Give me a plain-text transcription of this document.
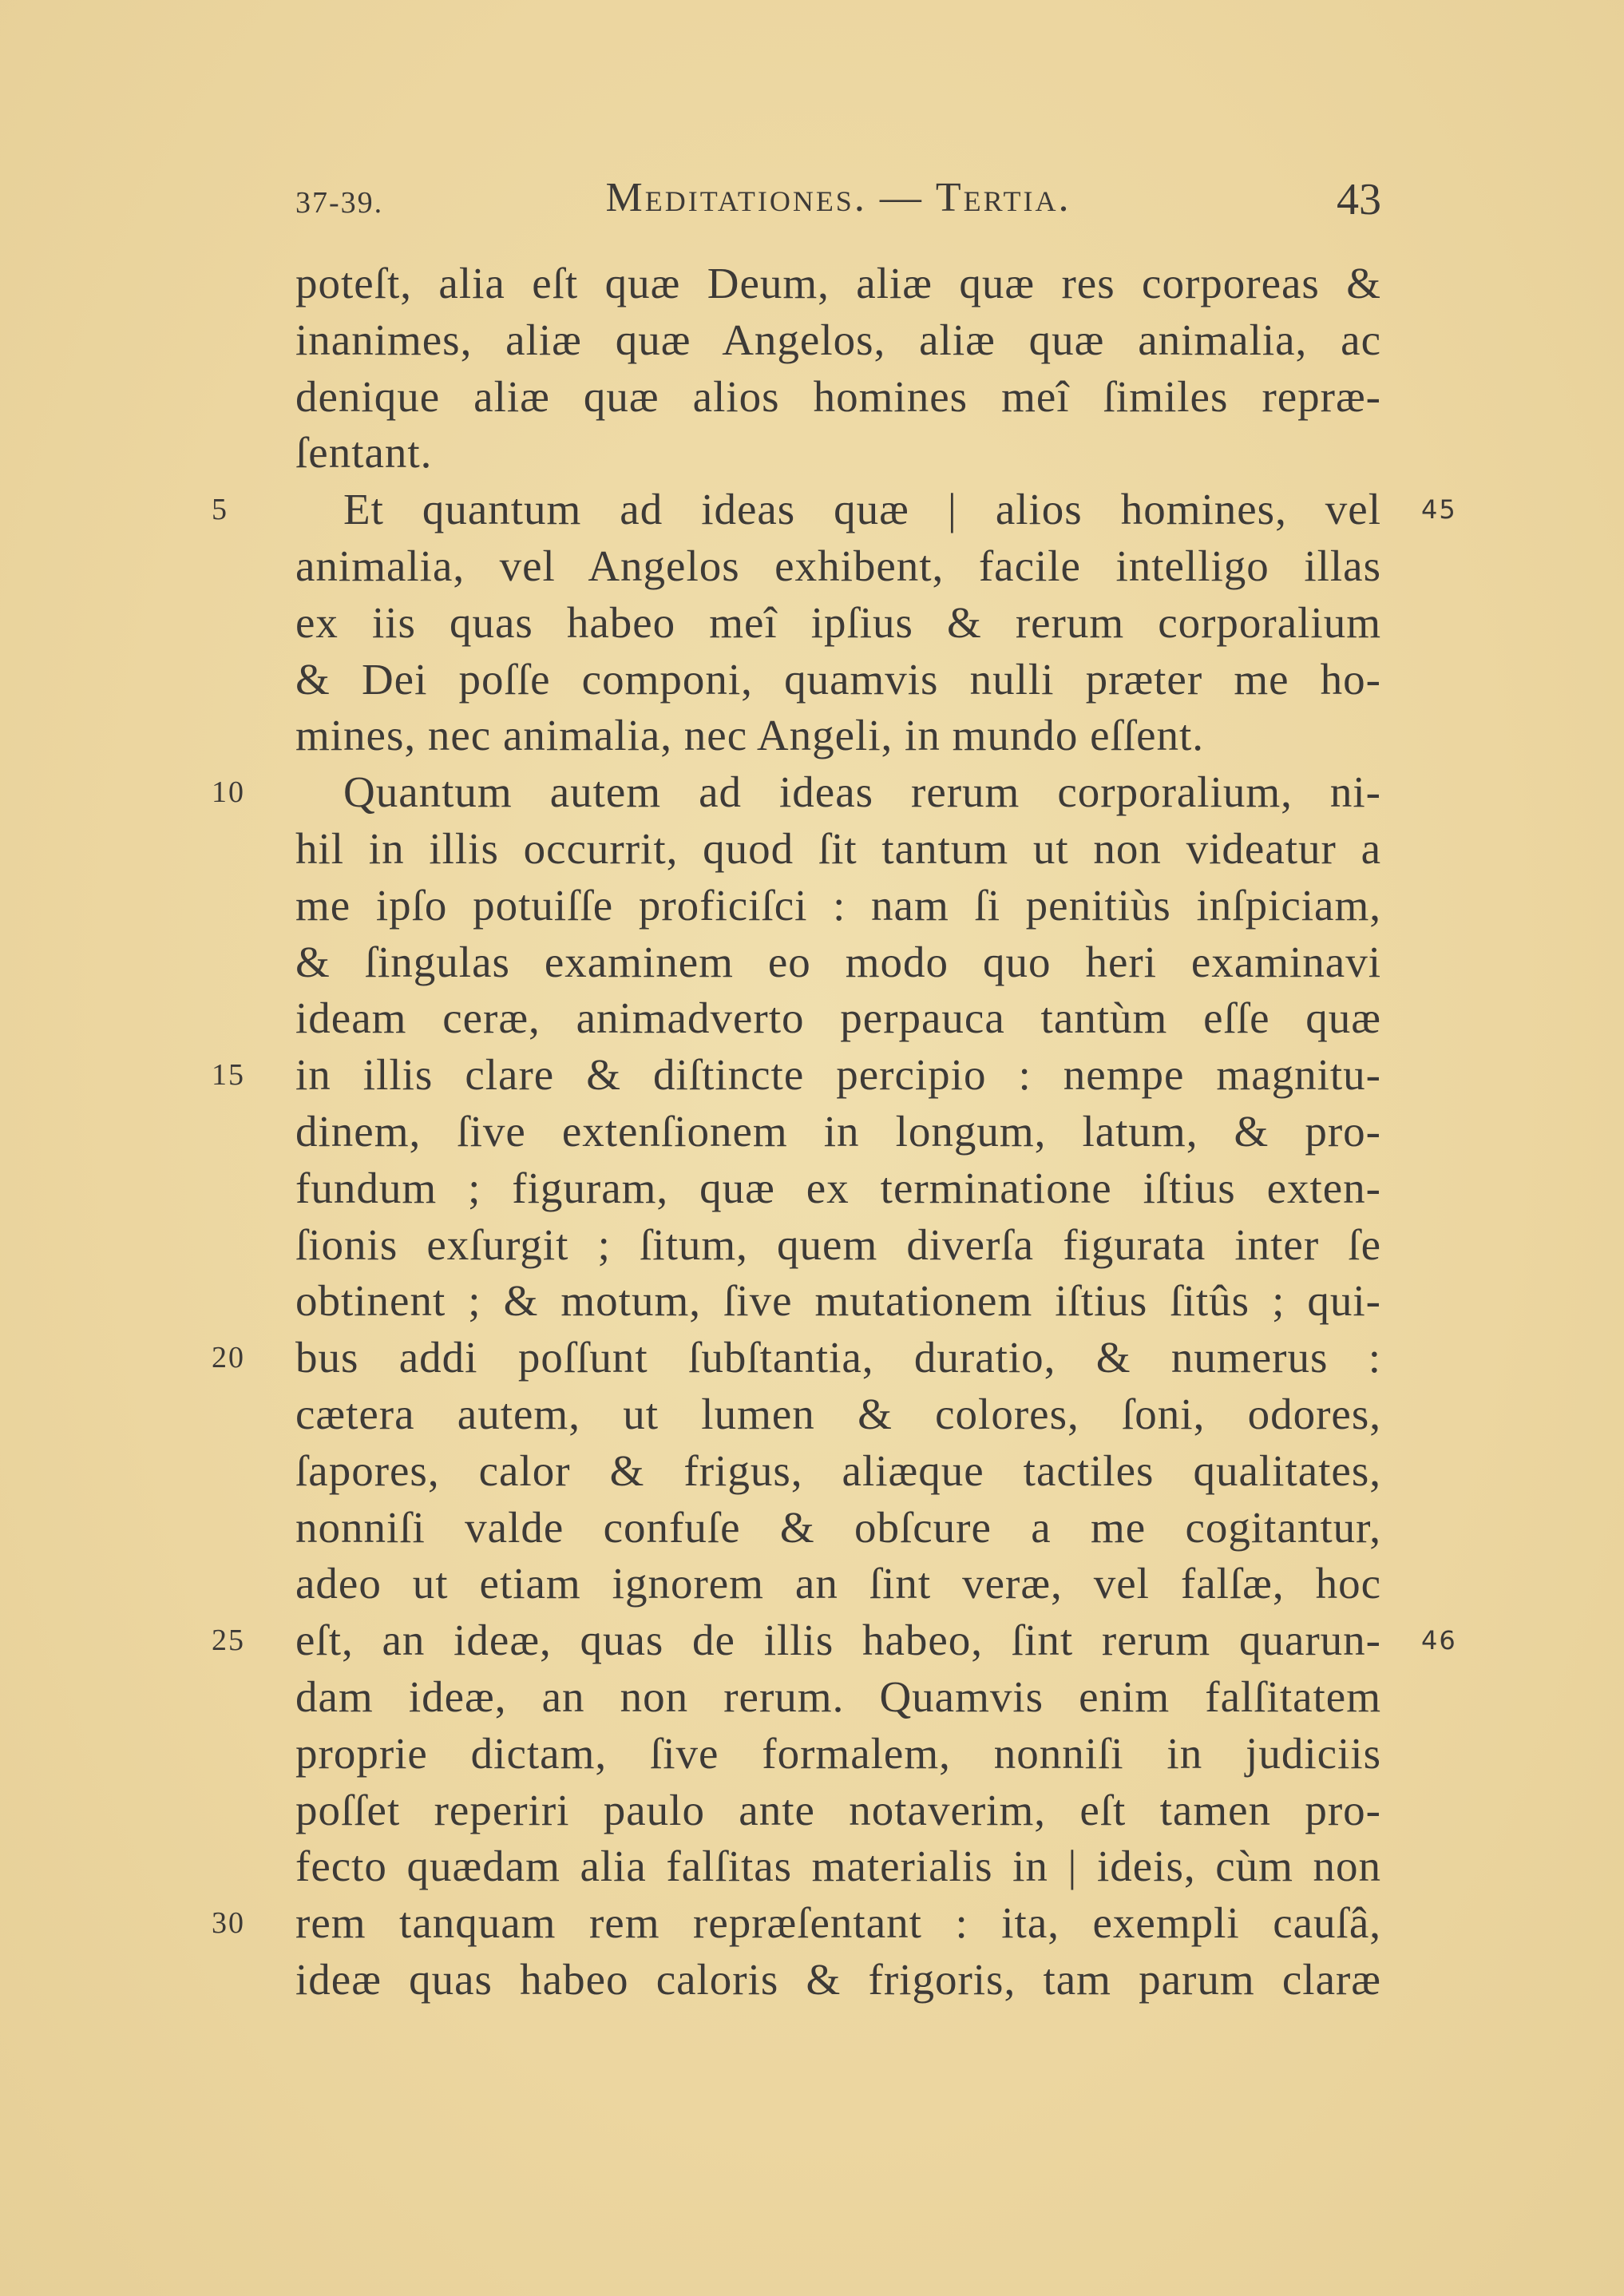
37-39.	Meditationes. — Tertia.	43
poteſt, alia eſt quæ Deum, aliæ quæ res corporeas &
inanimes, aliæ quæ Angelos, aliæ quæ animalia, ac
denique aliæ quæ alios homines meî ſimiles repræ-
ſentant.
5	Et quantum ad ideas quæ | alios homines, vel 45
animalia, vel Angelos exhibent, facile intelligo illas
ex iis quas habeo meî ipſius & rerum corporalium
& Dei poſſe componi, quamvis nulli præter me ho-
mines, nec animalia, nec Angeli, in mundo eſſent.
10	Quantum autem ad ideas rerum corporalium, ni-
hil in illis occurrit, quod ſit tantum ut non videatur a
me ipſo potuiſſe proficiſci : nam ſi penitiùs inſpiciam,
& ſingulas examinem eo modo quo heri examinavi
ideam ceræ, animadverto perpauca tantùm eſſe quæ
15	in illis clare & diſtincte percipio : nempe magnitu-
dinem, ſive extenſionem in longum, latum, & pro-
fundum ; figuram, quæ ex terminatione iſtius exten-
ſionis exſurgit ; ſitum, quem diverſa figurata inter ſe
obtinent ; & motum, ſive mutationem iſtius ſitûs ; qui-
20	bus addi poſſunt ſubſtantia, duratio, & numerus :
cætera autem, ut lumen & colores, ſoni, odores,
ſapores, calor & frigus, aliæque tactiles qualitates,
nonniſi valde confuſe & obſcure a me cogitantur,
adeo ut etiam ignorem an ſint veræ, vel falſæ, hoc
25	eſt, an ideæ, quas de illis habeo, ſint rerum quarun- 46
dam ideæ, an non rerum. Quamvis enim falſitatem
proprie dictam, ſive formalem, nonniſi in judiciis
poſſet reperiri paulo ante notaverim, eſt tamen pro-
fecto quædam alia falſitas materialis in | ideis, cùm non
30	rem tanquam rem repræſentant : ita, exempli cauſâ,
ideæ quas habeo caloris & frigoris, tam parum claræ
